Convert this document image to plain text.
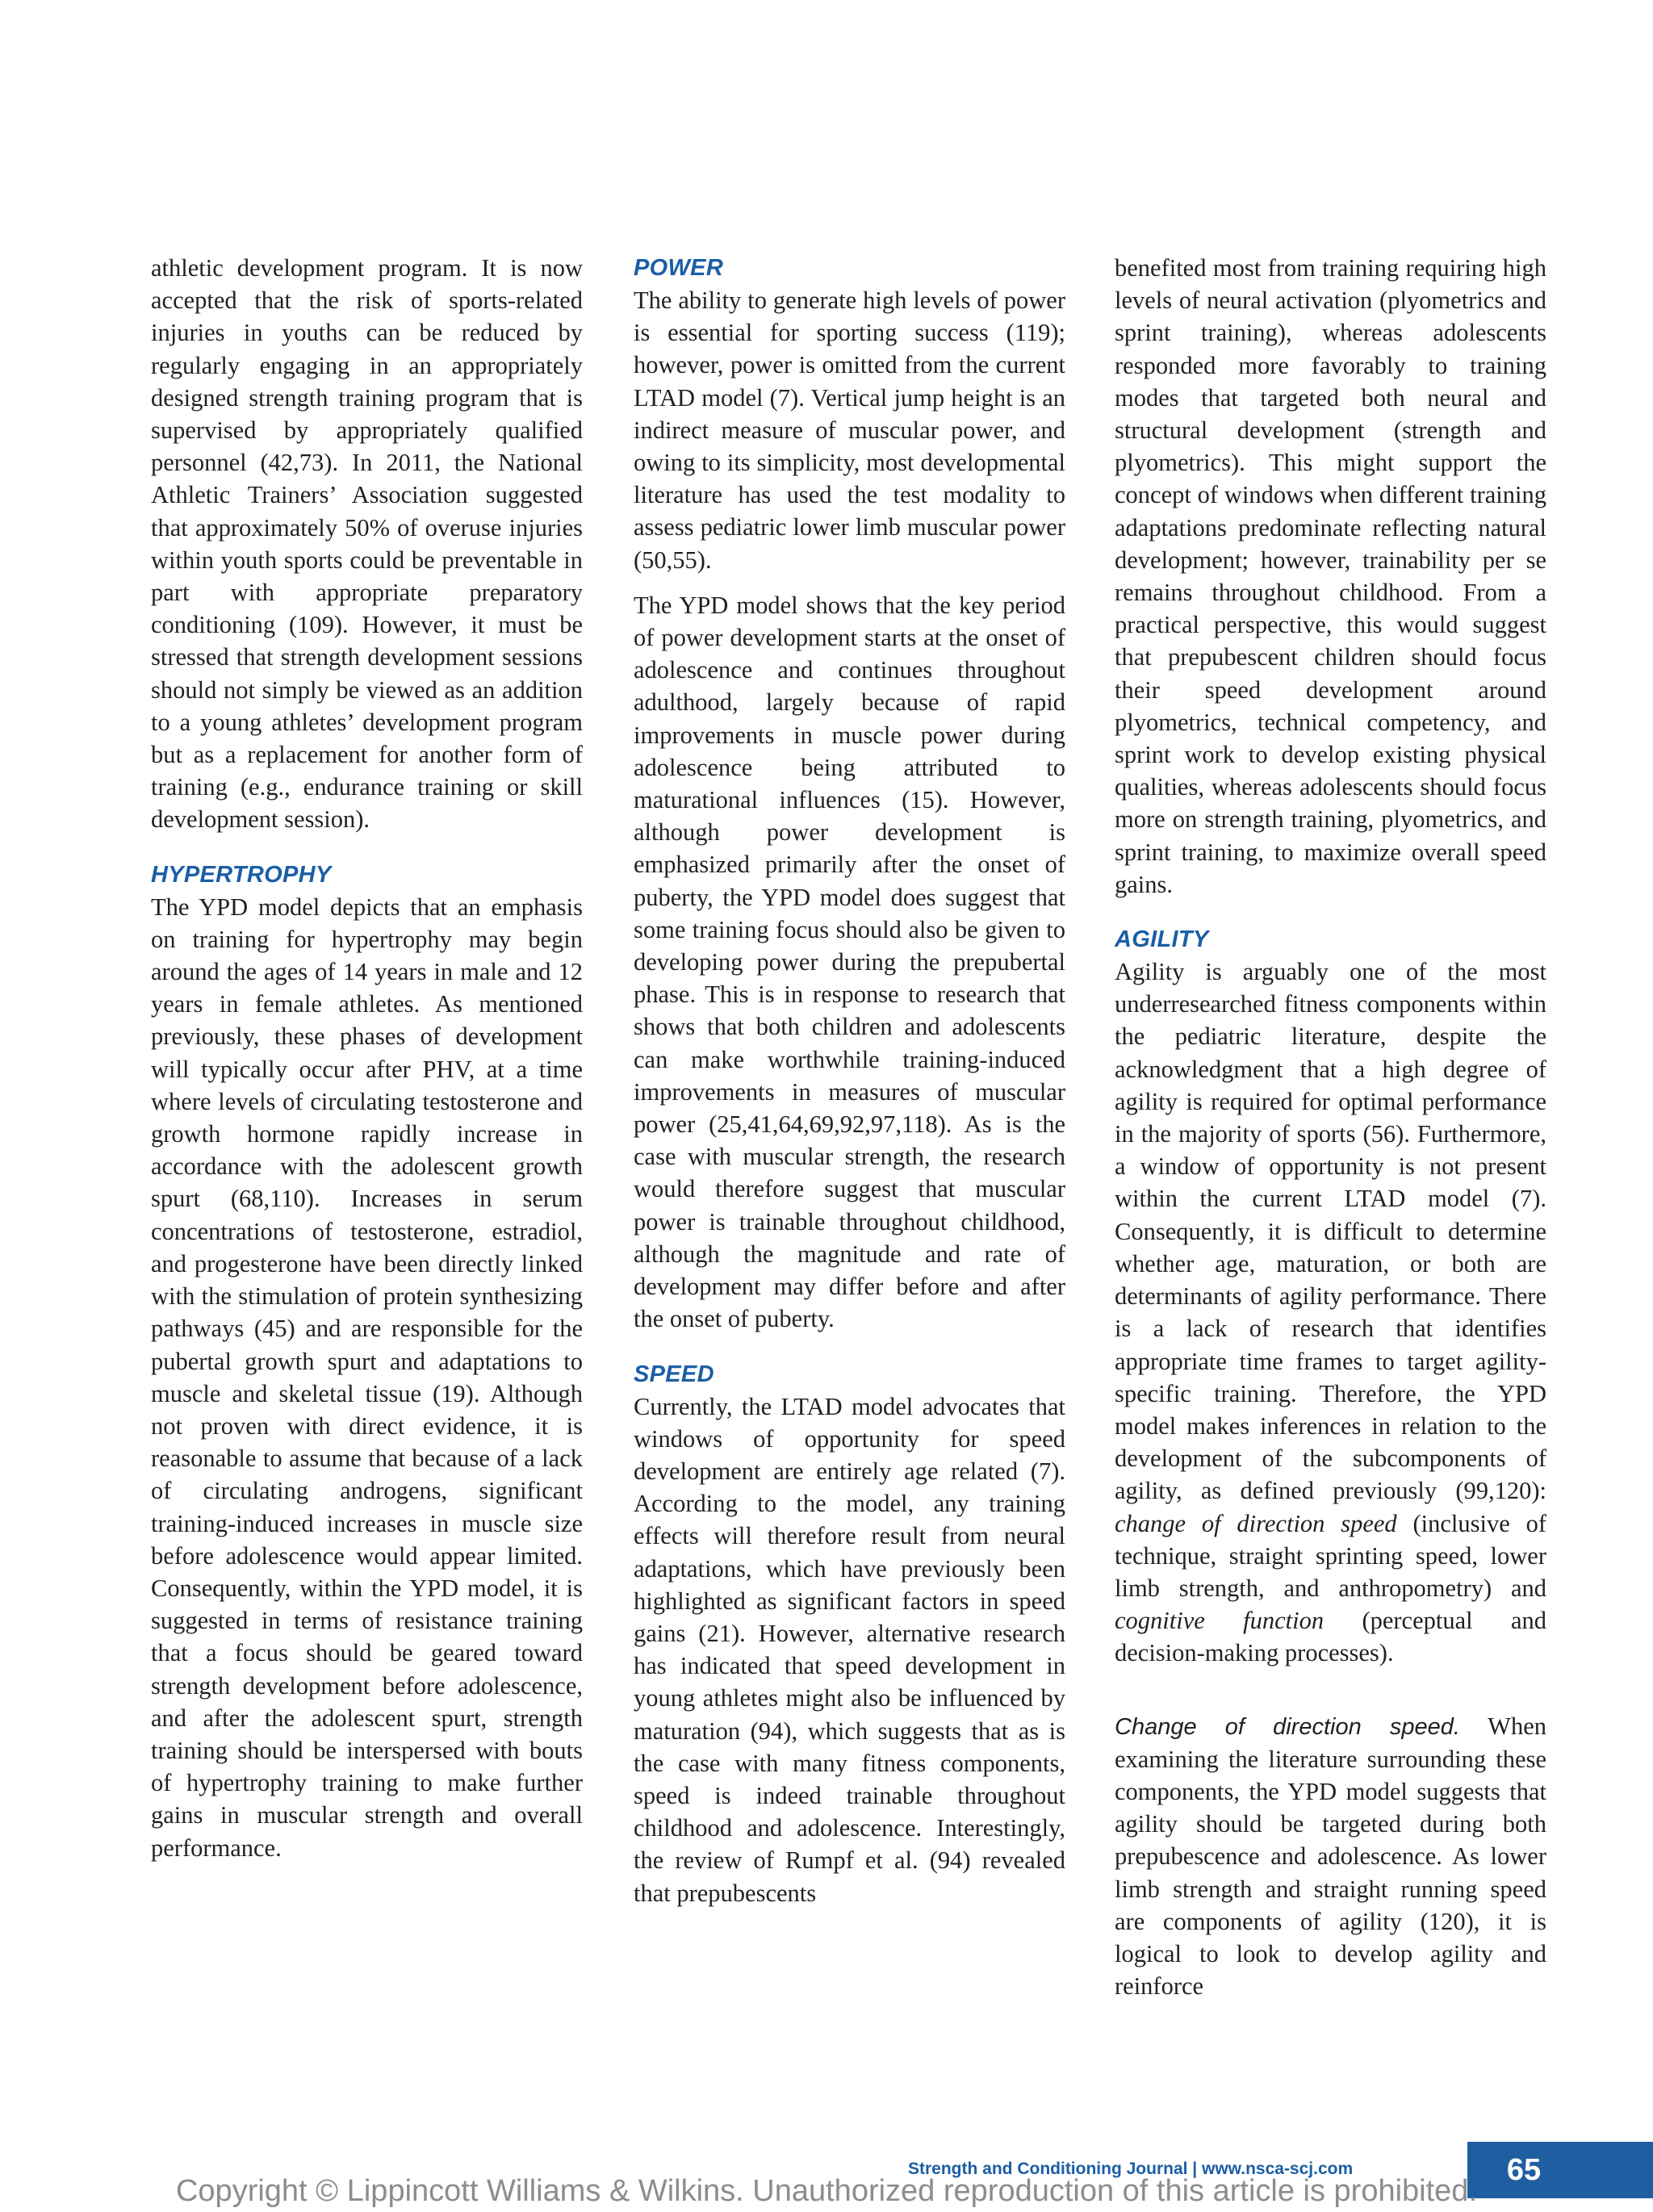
athletic development program. It is now accepted that the risk of sports-related injuries in youths can be reduced by regularly engaging in an appropriately designed strength training program that is supervised by appropriately qualified personnel (42,73). In 2011, the National Athletic Trainers’ Association suggested that approximately 50% of overuse injuries within youth sports could be preventable in part with appropriate preparatory conditioning (109). However, it must be stressed that strength development sessions should not simply be viewed as an addition to a young athletes’ development program but as a replacement for another form of training (e.g., endurance training or skill development session).

HYPERTROPHY

The YPD model depicts that an emphasis on training for hypertrophy may begin around the ages of 14 years in male and 12 years in female athletes. As mentioned previously, these phases of development will typically occur after PHV, at a time where levels of circulating testosterone and growth hormone rapidly increase in accordance with the adolescent growth spurt (68,110). Increases in serum concentrations of testosterone, estradiol, and progesterone have been directly linked with the stimulation of protein synthesizing pathways (45) and are responsible for the pubertal growth spurt and adaptations to muscle and skeletal tissue (19). Although not proven with direct evidence, it is reasonable to assume that because of a lack of circulating androgens, significant training-induced increases in muscle size before adolescence would appear limited. Consequently, within the YPD model, it is suggested in terms of resistance training that a focus should be geared toward strength development before adolescence, and after the adolescent spurt, strength training should be interspersed with bouts of hypertrophy training to make further gains in muscular strength and overall performance.

POWER

The ability to generate high levels of power is essential for sporting success (119); however, power is omitted from the current LTAD model (7). Vertical jump height is an indirect measure of muscular power, and owing to its simplicity, most developmental literature has used the test modality to assess pediatric lower limb muscular power (50,55).

The YPD model shows that the key period of power development starts at the onset of adolescence and continues throughout adulthood, largely because of rapid improvements in muscle power during adolescence being attributed to maturational influences (15). However, although power development is emphasized primarily after the onset of puberty, the YPD model does suggest that some training focus should also be given to developing power during the prepubertal phase. This is in response to research that shows that both children and adolescents can make worthwhile training-induced improvements in measures of muscular power (25,41,64,69,92,97,118). As is the case with muscular strength, the research would therefore suggest that muscular power is trainable throughout childhood, although the magnitude and rate of development may differ before and after the onset of puberty.

SPEED

Currently, the LTAD model advocates that windows of opportunity for speed development are entirely age related (7). According to the model, any training effects will therefore result from neural adaptations, which have previously been highlighted as significant factors in speed gains (21). However, alternative research has indicated that speed development in young athletes might also be influenced by maturation (94), which suggests that as is the case with many fitness components, speed is indeed trainable throughout childhood and adolescence. Interestingly, the review of Rumpf et al. (94) revealed that prepubescents

benefited most from training requiring high levels of neural activation (plyometrics and sprint training), whereas adolescents responded more favorably to training modes that targeted both neural and structural development (strength and plyometrics). This might support the concept of windows when different training adaptations predominate reflecting natural development; however, trainability per se remains throughout childhood. From a practical perspective, this would suggest that prepubescent children should focus their speed development around plyometrics, technical competency, and sprint work to develop existing physical qualities, whereas adolescents should focus more on strength training, plyometrics, and sprint training, to maximize overall speed gains.

AGILITY

Agility is arguably one of the most underresearched fitness components within the pediatric literature, despite the acknowledgment that a high degree of agility is required for optimal performance in the majority of sports (56). Furthermore, a window of opportunity is not present within the current LTAD model (7). Consequently, it is difficult to determine whether age, maturation, or both are determinants of agility performance. There is a lack of research that identifies appropriate time frames to target agility-specific training. Therefore, the YPD model makes inferences in relation to the development of the subcomponents of agility, as defined previously (99,120): change of direction speed (inclusive of technique, straight sprinting speed, lower limb strength, and anthropometry) and cognitive function (perceptual and decision-making processes).

Change of direction speed. When examining the literature surrounding these components, the YPD model suggests that agility should be targeted during both prepubescence and adolescence. As lower limb strength and straight running speed are components of agility (120), it is logical to look to develop agility and reinforce

Strength and Conditioning Journal | www.nsca-scj.com	65
Copyright © Lippincott Williams & Wilkins. Unauthorized reproduction of this article is prohibited.
